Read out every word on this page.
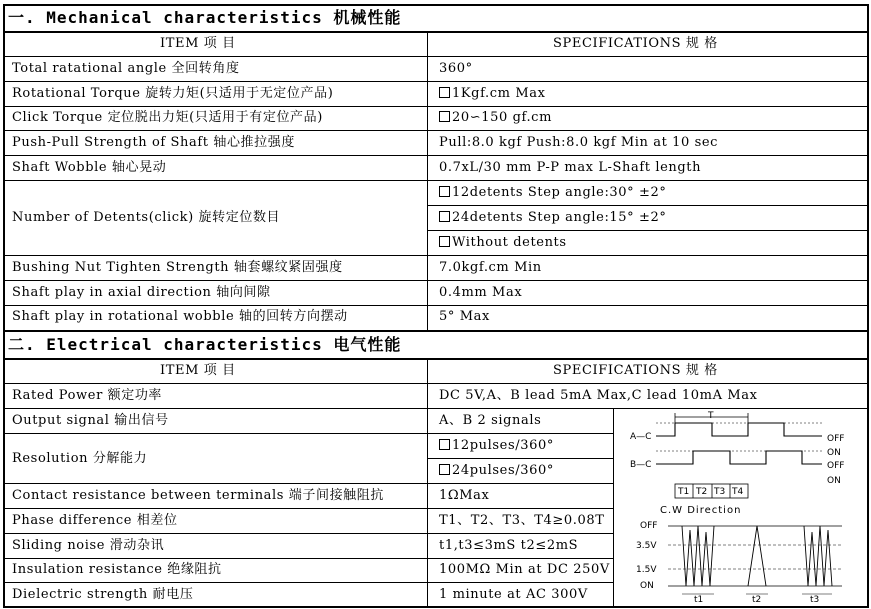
一. Mechanical characteristics 机械性能
ITEM 项 目	SPECIFICATIONS 规 格
Total ratational angle 全回转角度	360°
Rotational Torque 旋转力矩(只适用于无定位产品)	1Kgf.cm Max
Click Torque 定位脱出力矩(只适用于有定位产品)	20∽150 gf.cm
Push-Pull Strength of Shaft 轴心推拉强度	Pull:8.0 kgf Push:8.0 kgf Min at 10 sec
Shaft Wobble 轴心晃动	0.7xL/30 mm P-P max L-Shaft length
Number of Detents(click) 旋转定位数目
12detents Step angle:30° ±2°
24detents Step angle:15° ±2°
Without detents
Bushing Nut Tighten Strength 轴套螺纹紧固强度	7.0kgf.cm Min
Shaft play in axial direction 轴向间隙	0.4mm Max
Shaft play in rotational wobble 轴的回转方向摆动	5° Max
二. Electrical characteristics 电气性能
ITEM 项 目	SPECIFICATIONS 规 格
Rated Power 额定功率	DC 5V,A、B lead 5mA Max,C lead 10mA Max
Output signal 输出信号	A、B 2 signals
Resolution 分解能力
12pulses/360°
24pulses/360°
Contact resistance between terminals 端子间接触阻抗	1ΩMax
Phase difference 相差位	T1、T2、T3、T4≥0.08T
Sliding noise 滑动杂讯	t1,t3≤3mS t2≤2mS
Insulation resistance 绝缘阻抗	100MΩ Min at DC 250V
Dielectric strength 耐电压	1 minute at AC 300V
T
A—C	OFF
ON
B—C	OFF
ON
T1 T2 T3 T4
C.W Direction
OFF
3.5V
1.5V
ON
t1	t2	t3
